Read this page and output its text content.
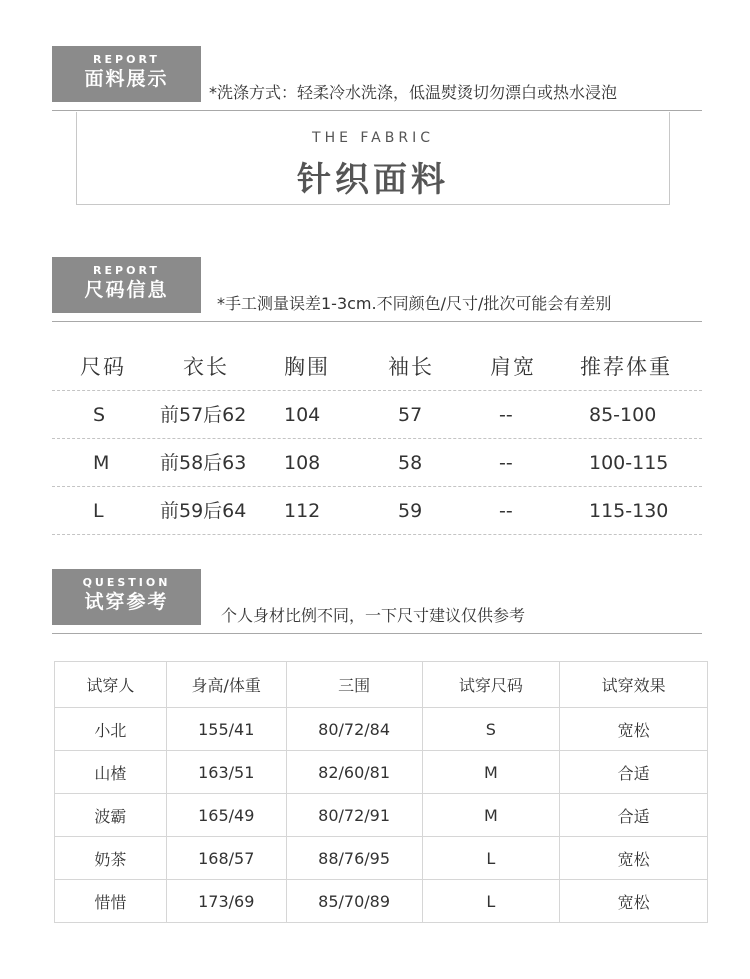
REPORT
面料展示
*洗涤方式：轻柔冷水洗涤，低温熨烫切勿漂白或热水浸泡
THE FABRIC
针织面料
REPORT
尺码信息
*手工测量误差1-3cm.不同颜色/尺寸/批次可能会有差别
尺码	衣长	胸围	袖长	肩宽 推荐体重
S	前57后62 104	57	--	85-100
M	前58后63 108	58	--	100-115
L	前59后64 112	59	--	115-130
QUESTION
试穿参考
个人身材比例不同，一下尺寸建议仅供参考
试穿人	身高/体重	三围	试穿尺码	试穿效果
小北	155/41	80/72/84	S	宽松
山楂	163/51	82/60/81	M	合适
波霸	165/49	80/72/91	M	合适
奶茶	168/57	88/76/95	L	宽松
惜惜	173/69	85/70/89	L	宽松
